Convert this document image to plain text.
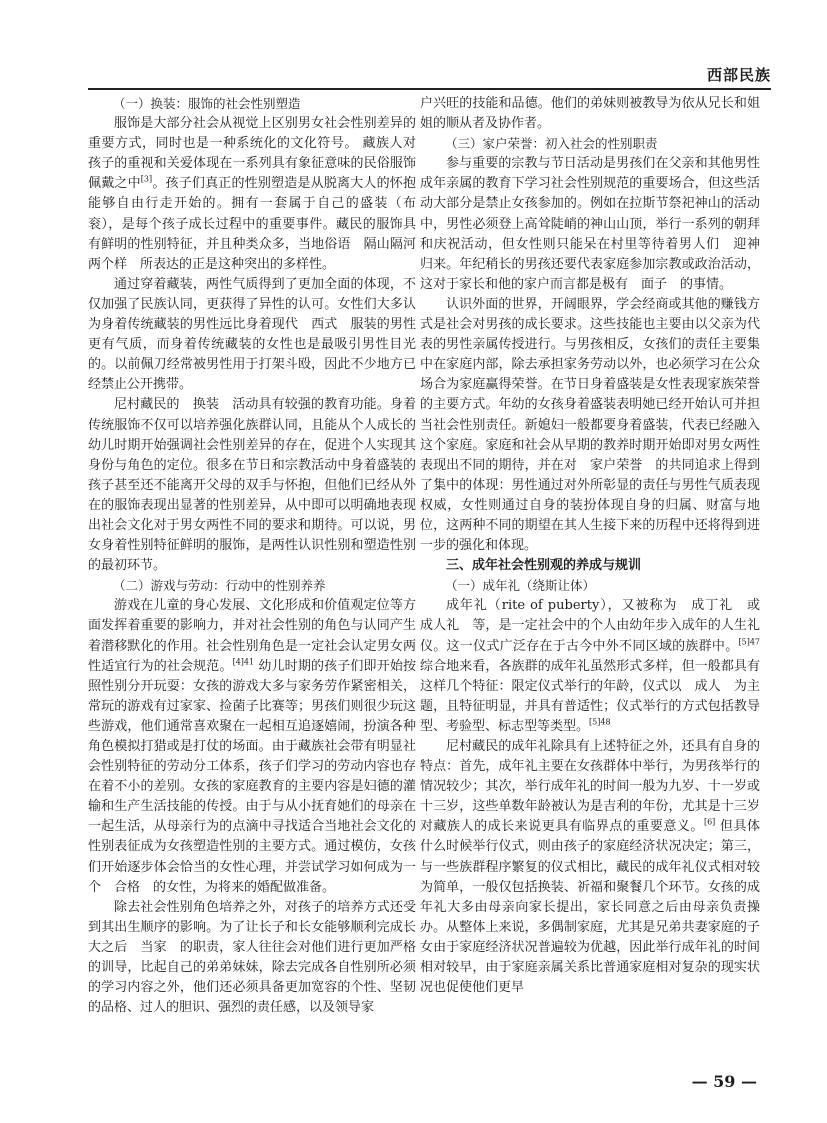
西部民族

（一）换装：服饰的社会性别塑造

服饰是大部分社会从视觉上区别男女社会性别差异的重要方式，同时也是一种系统化的文化符号。 藏族人对孩子的重视和关爱体现在一系列具有象征意味的民俗服饰佩戴之中[3]。孩子们真正的性别塑造是从脱离大人的怀抱能够自由行走开始的。拥有一套属于自己的盛装（布衮），是每个孩子成长过程中的重要事件。藏民的服饰具有鲜明的性别特征，并且种类众多，当地俗语　隔山隔河两个样　所表达的正是这种突出的多样性。

通过穿着藏装，两性气质得到了更加全面的体现，不仅加强了民族认同，更获得了异性的认可。女性们大多认为身着传统藏装的男性远比身着现代　西式　服装的男性更有气质，而身着传统藏装的女性也是最吸引男性目光的。以前佩刀经常被男性用于打架斗殴，因此不少地方已经禁止公开携带。

尼村藏民的　换装　活动具有较强的教育功能。身着传统服饰不仅可以培养强化族群认同，且能从个人成长的幼儿时期开始强调社会性别差异的存在，促进个人实现其身份与角色的定位。很多在节日和宗教活动中身着盛装的孩子甚至还不能离开父母的双手与怀抱，但他们已经从外在的服饰表现出显著的性别差异，从中即可以明确地表现出社会文化对于男女两性不同的要求和期待。可以说，男女身着性别特征鲜明的服饰，是两性认识性别和塑造性别的最初环节。

（二）游戏与劳动：行动中的性别养养

游戏在儿童的身心发展、文化形成和价值观定位等方面发挥着重要的影响力，并对社会性别的角色与认同产生着潜移默化的作用。社会性别角色是一定社会认定男女两性适宜行为的社会规范。$^{[4]41}$ 幼儿时期的孩子们即开始按照性别分开玩耍：女孩的游戏大多与家务劳作紧密相关，常玩的游戏有过家家、捡菌子比赛等；男孩们则很少玩这些游戏，他们通常喜欢聚在一起相互追逐嬉闹，扮演各种角色模拟打猎或是打仗的场面。由于藏族社会带有明显社会性别特征的劳动分工体系，孩子们学习的劳动内容也存在着不小的差别。女孩的家庭教育的主要内容是妇德的灌输和生产生活技能的传授。由于与从小抚育她们的母亲在一起生活，从母亲行为的点滴中寻找适合当地社会文化的性别表征成为女孩塑造性别的主要方式。通过模仿，女孩们开始逐步体会恰当的女性心理，并尝试学习如何成为一个　合格　的女性，为将来的婚配做准备。

除去社会性别角色培养之外，对孩子的培养方式还受到其出生顺序的影响。为了让长子和长女能够顺利完成长大之后　当家　的职责，家人往往会对他们进行更加严格的训导，比起自己的弟弟妹妹，除去完成各自性别所必须的学习内容之外，他们还必须具备更加宽容的个性、坚韧的品格、过人的胆识、强烈的责任感，以及领导家

户兴旺的技能和品德。他们的弟妹则被教导为依从兄长和姐姐的顺从者及协作者。

（三）家户荣誉：初入社会的性别职责

参与重要的宗教与节日活动是男孩们在父亲和其他男性成年亲属的教育下学习社会性别规范的重要场合，但这些活动大部分是禁止女孩参加的。例如在拉斯节祭祀神山的活动中，男性必须登上高耸陡峭的神山山顶，举行一系列的朝拜和庆祝活动，但女性则只能呆在村里等待着男人们　迎神　归来。年纪稍长的男孩还要代表家庭参加宗教或政治活动，这对于家长和他的家户而言都是极有　面子　的事情。

认识外面的世界，开阔眼界，学会经商或其他的赚钱方式是社会对男孩的成长要求。这些技能也主要由以父亲为代表的男性亲属传授进行。与男孩相反，女孩们的责任主要集中在家庭内部，除去承担家务劳动以外，也必须学习在公众场合为家庭赢得荣誉。在节日身着盛装是女性表现家族荣誉的主要方式。年幼的女孩身着盛装表明她已经开始认可并担当社会性别责任。新媳妇一般都要身着盛装，代表已经融入这个家庭。家庭和社会从早期的教养时期开始即对男女两性表现出不同的期待，并在对　家户荣誉　的共同追求上得到了集中的体现：男性通过对外所彰显的责任与男性气质表现权威，女性则通过自身的装扮体现自身的归属、财富与地位，这两种不同的期望在其人生接下来的历程中还将得到进一步的强化和体现。

三、成年社会性别观的养成与规训

（一）成年礼（绕斯让体）

成年礼（rite of puberty），又被称为　成丁礼　或　成人礼　等，是一定社会中的个人由幼年步入成年的人生礼仪。这一仪式广泛存在于古今中外不同区域的族群中。$^{[5]47}$ 综合地来看，各族群的成年礼虽然形式多样，但一般都具有这样几个特征：限定仪式举行的年龄，仪式以　成人　为主题，且特征明显，并具有普适性；仪式举行的方式包括教导型、考验型、标志型等类型。$^{[5]48}$

尼村藏民的成年礼除具有上述特征之外，还具有自身的特点：首先，成年礼主要在女孩群体中举行，为男孩举行的情况较少；其次，举行成年礼的时间一般为九岁、十一岁或十三岁，这些单数年龄被认为是吉利的年份，尤其是十三岁对藏族人的成长来说更具有临界点的重要意义。[6] 但具体什么时候举行仪式，则由孩子的家庭经济状况决定；第三，与一些族群程序繁复的仪式相比，藏民的成年礼仪式相对较为简单，一般仅包括换装、祈福和聚餐几个环节。女孩的成年礼大多由母亲向家长提出，家长同意之后由母亲负责操办。从整体上来说，多偶制家庭，尤其是兄弟共妻家庭的子女由于家庭经济状况普遍较为优越，因此举行成年礼的时间相对较早，由于家庭亲属关系比普通家庭相对复杂的现实状况也促使他们更早

— 59 —
